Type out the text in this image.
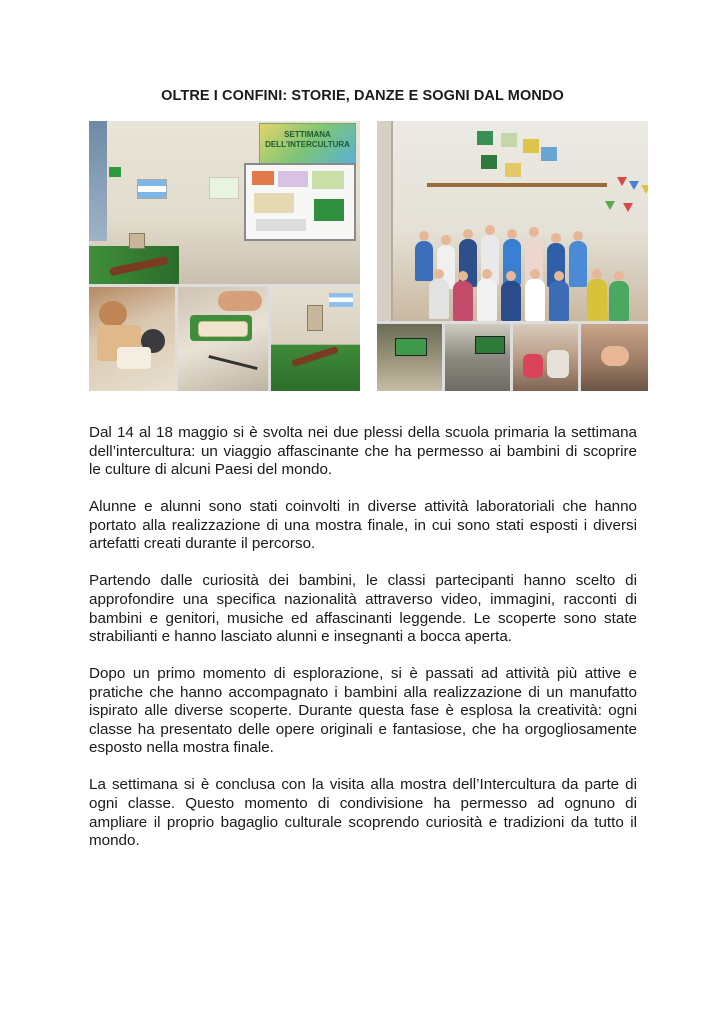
OLTRE I CONFINI: STORIE, DANZE E SOGNI DAL MONDO
SETTIMANA DELL'INTERCULTURA

Dal 14 al 18 maggio si è svolta nei due plessi della scuola primaria la settimana dell’intercultura: un viaggio affascinante che ha permesso ai bambini di scoprire le culture di alcuni Paesi del mondo.

Alunne e alunni sono stati coinvolti in diverse attività laboratoriali che hanno portato alla realizzazione di una mostra finale, in cui sono stati esposti i diversi artefatti creati durante il percorso.

Partendo dalle curiosità dei bambini, le classi partecipanti hanno scelto di approfondire una specifica nazionalità attraverso video, immagini, racconti di bambini e genitori, musiche ed affascinanti leggende. Le scoperte sono state strabilianti e hanno lasciato alunni e insegnanti a bocca aperta.

Dopo un primo momento di esplorazione, si è passati ad attività più attive e pratiche che hanno accompagnato i bambini alla realizzazione di un manufatto ispirato alle diverse scoperte. Durante questa fase è esplosa la creatività: ogni classe ha presentato delle opere originali e fantasiose, che ha orgogliosamente esposto nella mostra finale.

La settimana si è conclusa con la visita alla mostra dell’Intercultura da parte di ogni classe. Questo momento di condivisione ha permesso ad ognuno di ampliare il proprio bagaglio culturale scoprendo curiosità e tradizioni da tutto il mondo.
